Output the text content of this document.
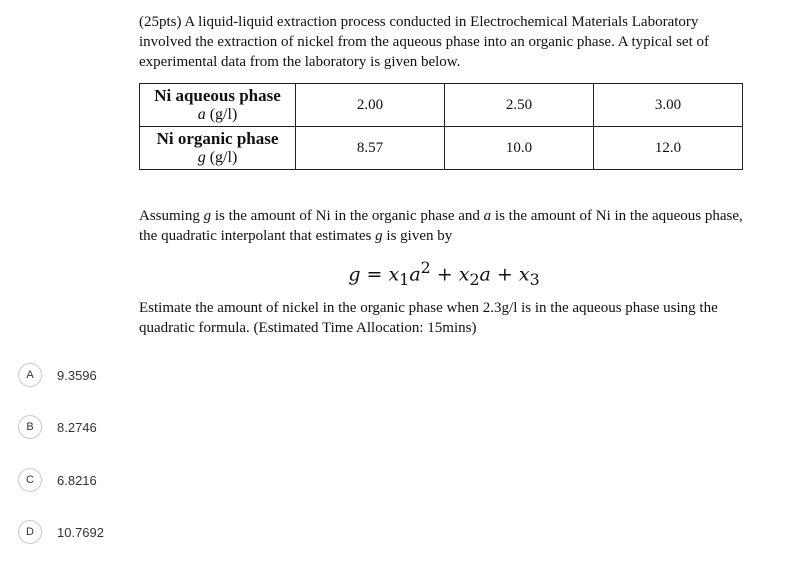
(25pts) A liquid-liquid extraction process conducted in Electrochemical Materials Laboratory involved the extraction of nickel from the aqueous phase into an organic phase. A typical set of experimental data from the laboratory is given below.

Ni aqueous phase
a (g/l)	2.00	2.50	3.00

Ni organic phase
g (g/l)	8.57	10.0	12.0

Assuming g is the amount of Ni in the organic phase and a is the amount of Ni in the aqueous phase, the quadratic interpolant that estimates g is given by

$g = x_1a^2 + x_2a + x_3$

Estimate the amount of nickel in the organic phase when 2.3g/l is in the aqueous phase using the quadratic formula. (Estimated Time Allocation: 15mins)

A	9.3596
B	8.2746
C	6.8216
D	10.7692
